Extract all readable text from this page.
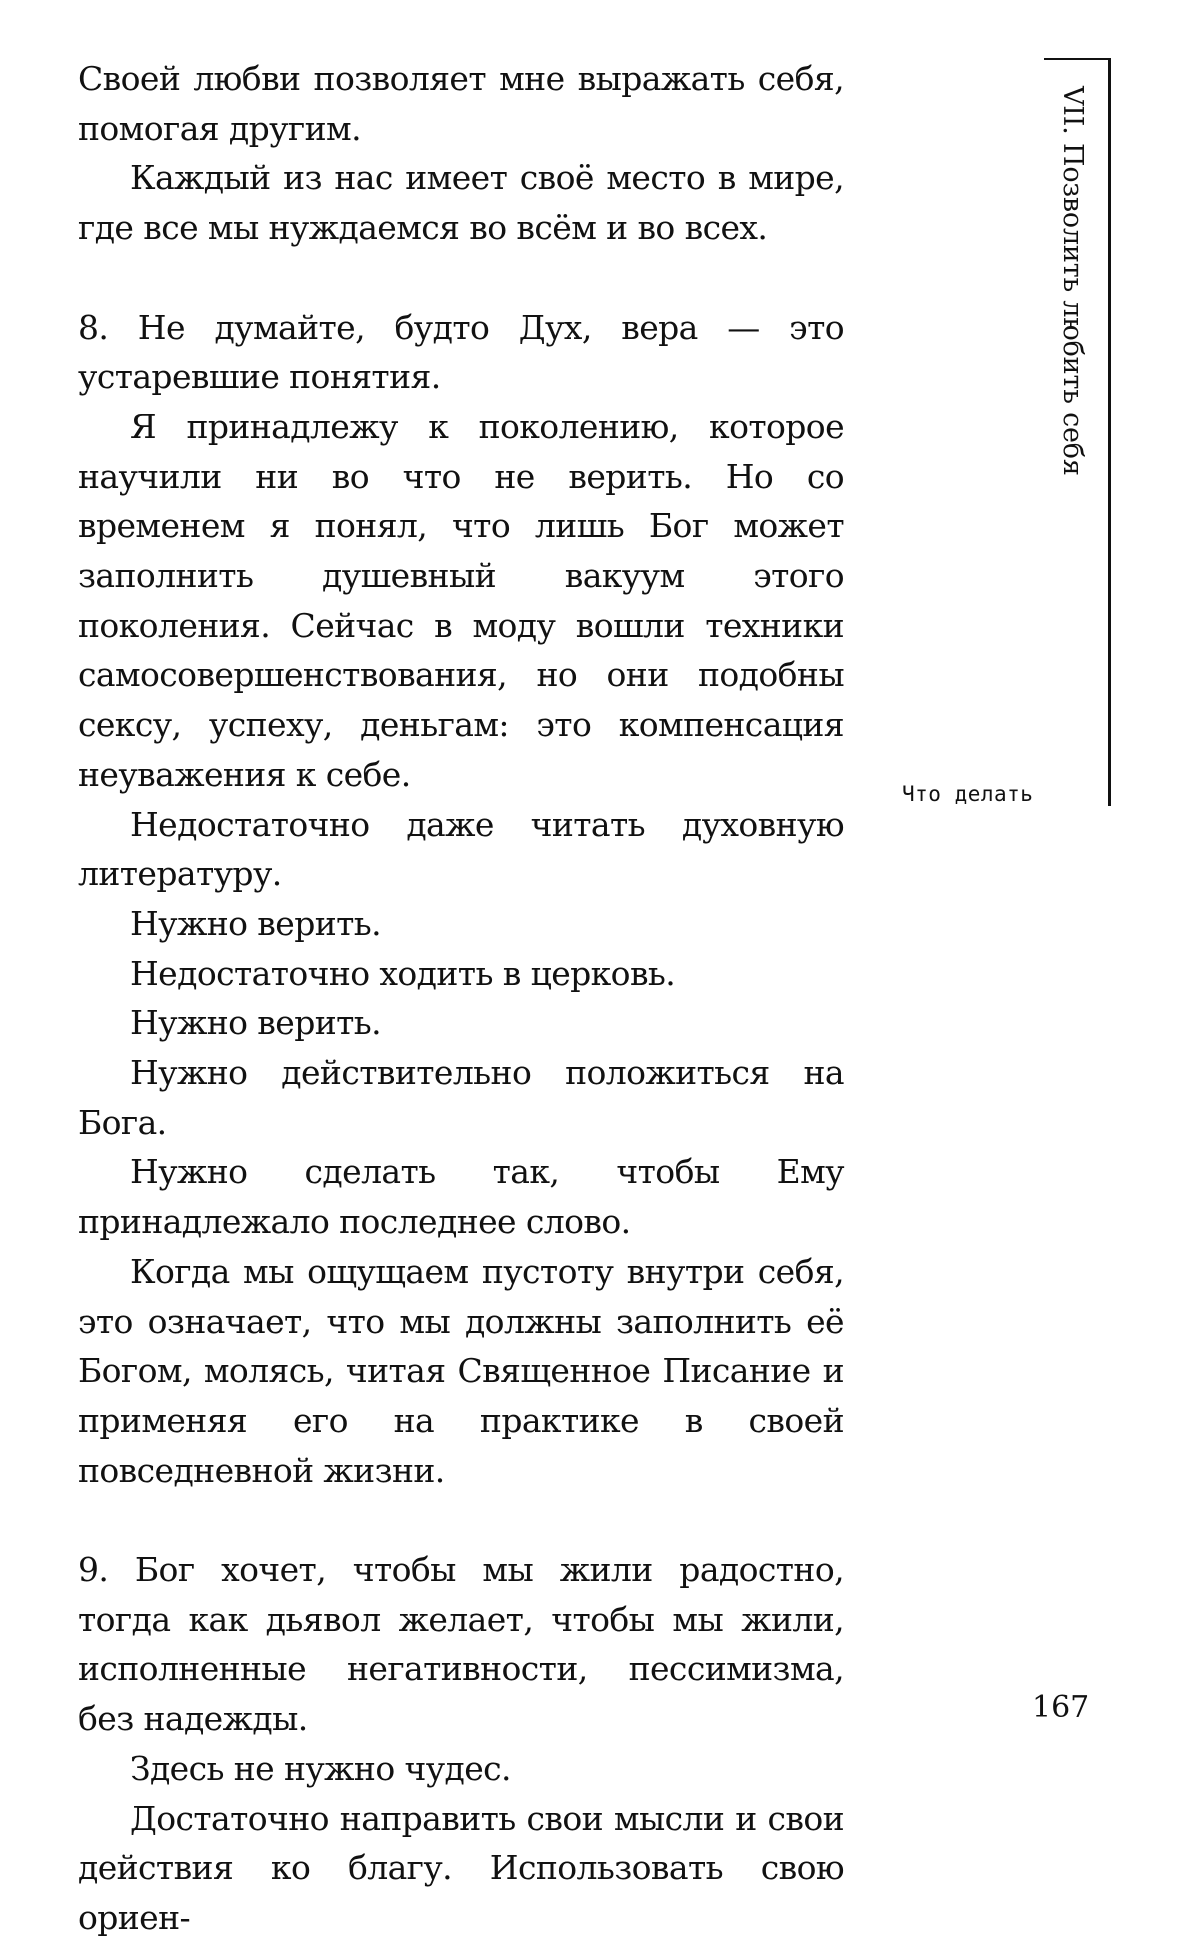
Своей любви позволяет мне выражать себя, помогая другим.

Каждый из нас имеет своё место в мире, где все мы нуждаемся во всём и во всех.

8. Не думайте, будто Дух, вера — это устаревшие понятия.

Я принадлежу к поколению, которое научили ни во что не верить. Но со временем я понял, что лишь Бог может заполнить душевный вакуум этого поколения. Сейчас в моду вошли техники самосовершенствования, но они подобны сексу, успеху, деньгам: это компенсация неуважения к себе.

Недостаточно даже читать духовную литературу.

Нужно верить.

Недостаточно ходить в церковь.

Нужно верить.

Нужно действительно положиться на Бога.

Нужно сделать так, чтобы Ему принадлежало последнее слово.

Когда мы ощущаем пустоту внутри себя, это означает, что мы должны заполнить её Богом, молясь, читая Священное Писание и применяя его на практике в своей повседневной жизни.

9. Бог хочет, чтобы мы жили радостно, тогда как дьявол желает, чтобы мы жили, исполненные негативности, пессимизма, без надежды.

Здесь не нужно чудес.

Достаточно направить свои мысли и свои действия ко благу. Использовать свою ориен-

VII. Позволить любить себя
Что делать
167
